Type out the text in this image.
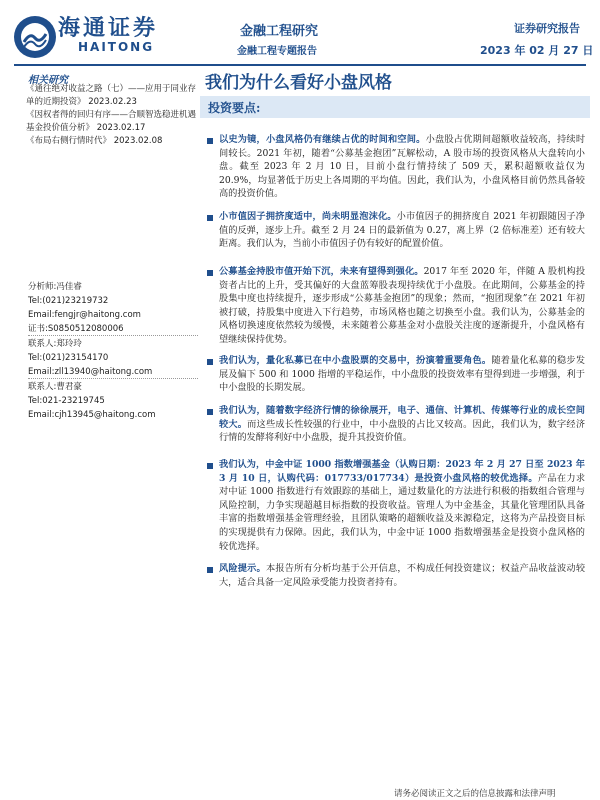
海通证券
HAITONG
金融工程研究
金融工程专题报告
证券研究报告
2023 年 02 月 27 日
相关研究
《通往绝对收益之路（七）——应用于同业存单的近期投资》 2023.02.23
《因权者得的回归有序——合顺智选稳进机遇基金投价值分析》 2023.02.17
《布局右侧行情时代》 2023.02.08
分析师:冯佳睿
Tel:(021)23219732
Email:fengjr@haitong.com
证书:S0850512080006
联系人:郑玲玲
Tel:(021)23154170
Email:zll13940@haitong.com
联系人:曹君豪
Tel:021-23219745
Email:cjh13945@haitong.com
我们为什么看好小盘风格
投资要点:
以史为镜，小盘风格仍有继续占优的时间和空间。小盘股占优期间超额收益较高，持续时间较长。2021 年初，随着“公募基金抱团”瓦解松动，A 股市场的投资风格从大盘转向小盘。截至 2023 年 2 月 10 日，目前小盘行情持续了 509 天，累积超额收益仅为 20.9%，均显著低于历史上各周期的平均值。因此，我们认为，小盘风格目前仍然具备较高的投资价值。
小市值因子拥挤度适中，尚未明显泡沫化。小市值因子的拥挤度自 2021 年初跟随因子净值的反弹，逐步上升。截至 2 月 24 日的最新值为 0.27，离上界（2 倍标准差）还有较大距离。我们认为，当前小市值因子仍有较好的配置价值。
公募基金持股市值开始下沉，未来有望得到强化。2017 年至 2020 年，伴随 A 股机构投资者占比的上升，受其偏好的大盘蓝筹股表现持续优于小盘股。在此期间，公募基金的持股集中度也持续提升，逐步形成“公募基金抱团”的现象；然而，“抱团现象”在 2021 年初被打破，持股集中度进入下行趋势，市场风格也随之切换至小盘。我们认为，公募基金的风格切换速度依然较为缓慢，未来随着公募基金对小盘股关注度的逐渐提升，小盘风格有望继续保持优势。
我们认为，量化私募已在中小盘股票的交易中，扮演着重要角色。随着量化私募的稳步发展及偏下 500 和 1000 指增的平稳运作，中小盘股的投资效率有望得到进一步增强，利于中小盘股的长期发展。
我们认为，随着数字经济行情的徐徐展开，电子、通信、计算机、传媒等行业的成长空间较大。而这些成长性较强的行业中，中小盘股的占比又较高。因此，我们认为，数字经济行情的发酵将利好中小盘股，提升其投资价值。
我们认为，中金中证 1000 指数增强基金（认购日期：2023 年 2 月 27 日至 2023 年 3 月 10 日，认购代码：017733/017734）是投资小盘风格的较优选择。产品在力求对中证 1000 指数进行有效跟踪的基础上，通过数量化的方法进行积极的指数组合管理与风险控制，力争实现超越目标指数的投资收益。管理人为中金基金，其量化管理团队具备丰富的指数增强基金管理经验，且团队策略的超额收益及来源稳定，这将为产品投资目标的实现提供有力保障。因此，我们认为，中金中证 1000 指数增强基金是投资小盘风格的较优选择。
风险提示。本报告所有分析均基于公开信息，不构成任何投资建议；权益产品收益波动较大，适合具备一定风险承受能力投资者持有。
请务必阅读正文之后的信息披露和法律声明
